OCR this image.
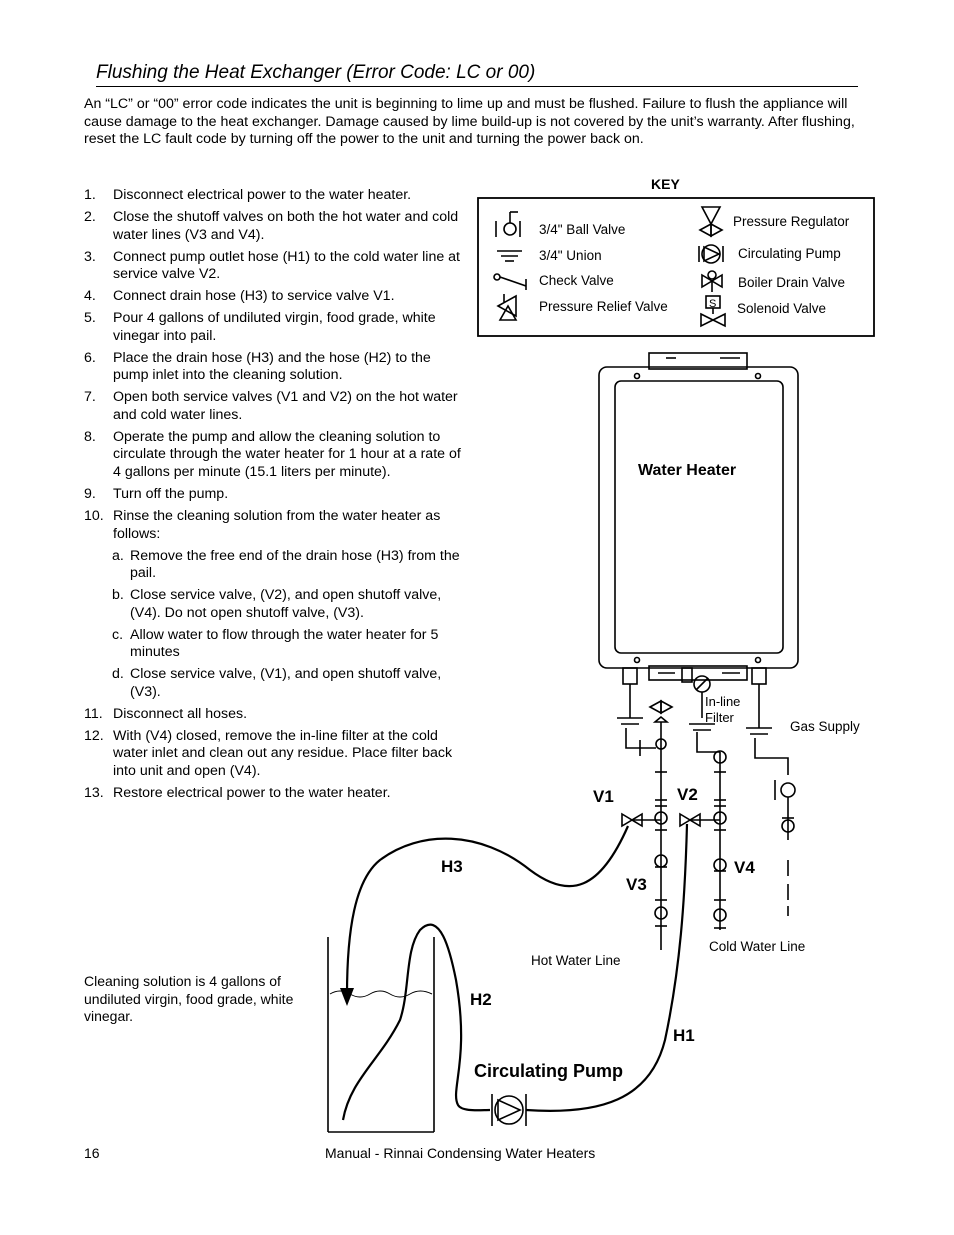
Flushing the Heat Exchanger (Error Code: LC or 00)
An “LC” or “00” error code indicates the unit is beginning to lime up and must be flushed. Failure to flush the appliance will cause damage to the heat exchanger. Damage caused by lime build-up is not covered by the unit’s warranty. After flushing, reset the LC fault code by turning off the power to the unit and turning the power back on.
1. Disconnect electrical power to the water heater.
2. Close the shutoff valves on both the hot water and cold water lines (V3 and V4).
3. Connect pump outlet hose (H1) to the cold water line at service valve V2.
4. Connect drain hose (H3) to service valve V1.
5. Pour 4 gallons of undiluted virgin, food grade, white vinegar into pail.
6. Place the drain hose (H3) and the hose (H2) to the pump inlet into the cleaning solution.
7. Open both service valves (V1 and V2) on the hot water and cold water lines.
8. Operate the pump and allow the cleaning solution to circulate through the water heater for 1 hour at a rate of 4 gallons per minute (15.1 liters per minute).
9. Turn off the pump.
10. Rinse the cleaning solution from the water heater as follows:
a. Remove the free end of the drain hose (H3) from the pail.
b. Close service valve, (V2), and open shutoff valve, (V4). Do not open shutoff valve, (V3).
c. Allow water to flow through the water heater for 5 minutes
d. Close service valve, (V1), and open shutoff valve, (V3).
11. Disconnect all hoses.
12. With (V4) closed, remove the in-line filter at the cold water inlet and clean out any residue. Place filter back into unit and open (V4).
13. Restore electrical power to the water heater.
Cleaning solution is 4 gallons of undiluted virgin, food grade, white vinegar.
KEY
3/4" Ball Valve
3/4" Union
Check Valve
Pressure Relief Valve
Pressure Regulator
Circulating Pump
Boiler Drain Valve
S Solenoid Valve
Water Heater
In-line
Filter
Gas Supply
V1	V2
V3
V4
H3
H2
H1
Hot Water Line
Cold Water Line
Circulating Pump
16	Manual - Rinnai Condensing Water Heaters
